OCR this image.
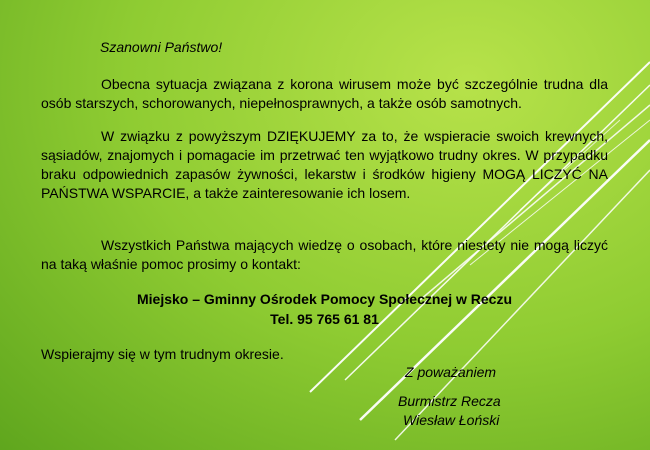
Szanowni Państwo!
Obecna sytuacja związana z korona wirusem może być szczególnie trudna dla osób starszych, schorowanych, niepełnosprawnych, a także osób samotnych.
W związku z powyższym DZIĘKUJEMY za to, że wspieracie swoich krewnych, sąsiadów, znajomych i pomagacie im przetrwać ten wyjątkowo trudny okres. W przypadku braku odpowiednich zapasów żywności, lekarstw i środków higieny MOGĄ LICZYĆ NA PAŃSTWA WSPARCIE, a także zainteresowanie ich losem.
Wszystkich Państwa mających wiedzę o osobach, które niestety nie mogą liczyć na taką właśnie pomoc prosimy o kontakt:
Miejsko – Gminny Ośrodek Pomocy Społecznej w Reczu
Tel. 95 765 61 81
Wspierajmy się w tym trudnym okresie.
Z poważaniem
Burmistrz Recza
Wiesław Łoński
